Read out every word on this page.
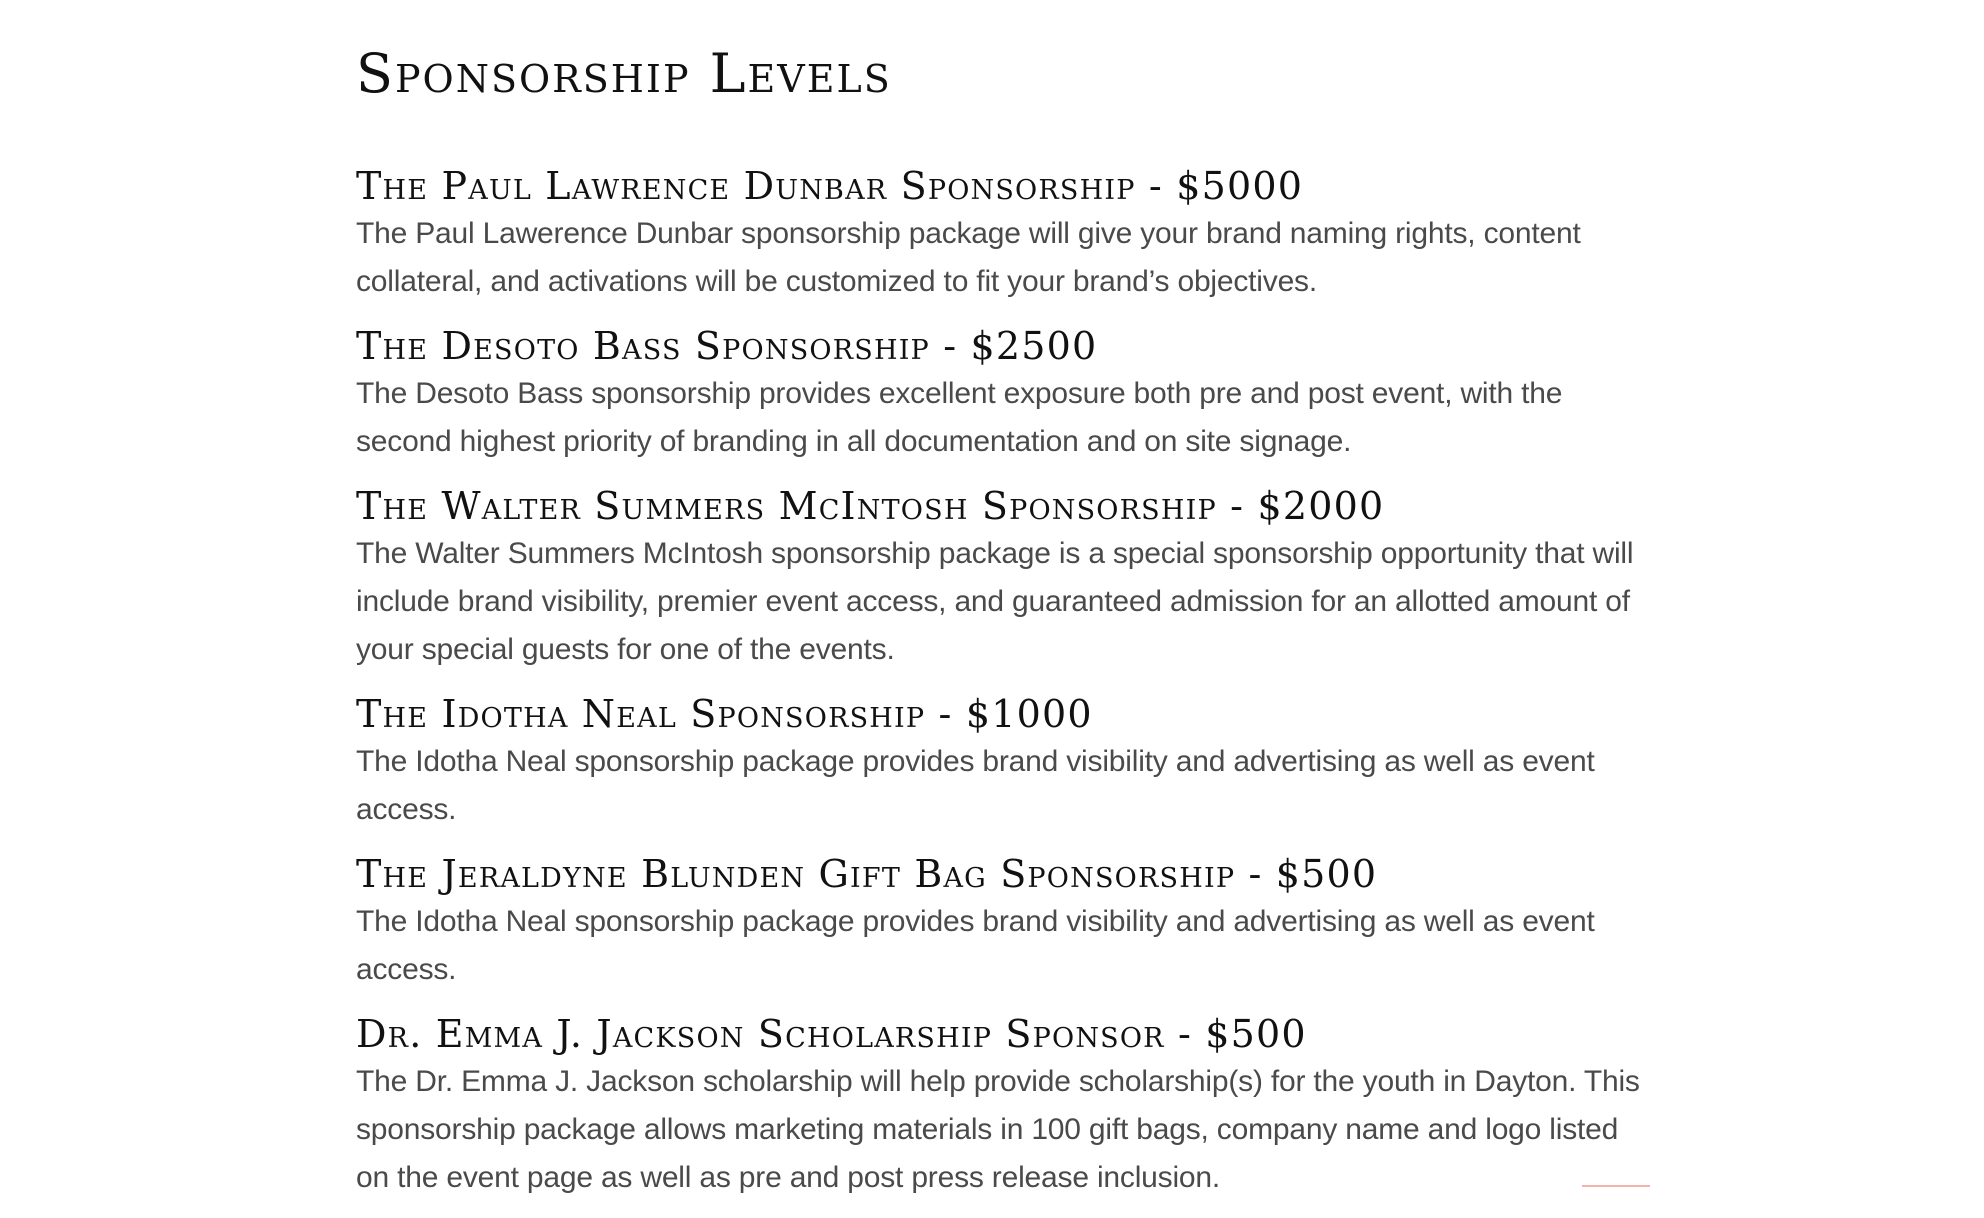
Sponsorship Levels
The Paul Lawrence Dunbar Sponsorship - $5000

The Paul Lawerence Dunbar sponsorship package will give your brand naming rights, content collateral, and activations will be customized to fit your brand’s objectives.

The Desoto Bass Sponsorship - $2500

The Desoto Bass sponsorship provides excellent exposure both pre and post event, with the second highest priority of branding in all documentation and on site signage.

The Walter Summers McIntosh Sponsorship - $2000

The Walter Summers McIntosh sponsorship package is a special sponsorship opportunity that will include brand visibility, premier event access, and guaranteed admission for an allotted amount of your special guests for one of the events.

The Idotha Neal Sponsorship - $1000

The Idotha Neal sponsorship package provides brand visibility and advertising as well as event access.

The Jeraldyne Blunden Gift Bag Sponsorship - $500

The Idotha Neal sponsorship package provides brand visibility and advertising as well as event access.

Dr. Emma J. Jackson Scholarship Sponsor - $500

The Dr. Emma J. Jackson scholarship will help provide scholarship(s) for the youth in Dayton. This sponsorship package allows marketing materials in 100 gift bags, company name and logo listed on the event page as well as pre and post press release inclusion.
